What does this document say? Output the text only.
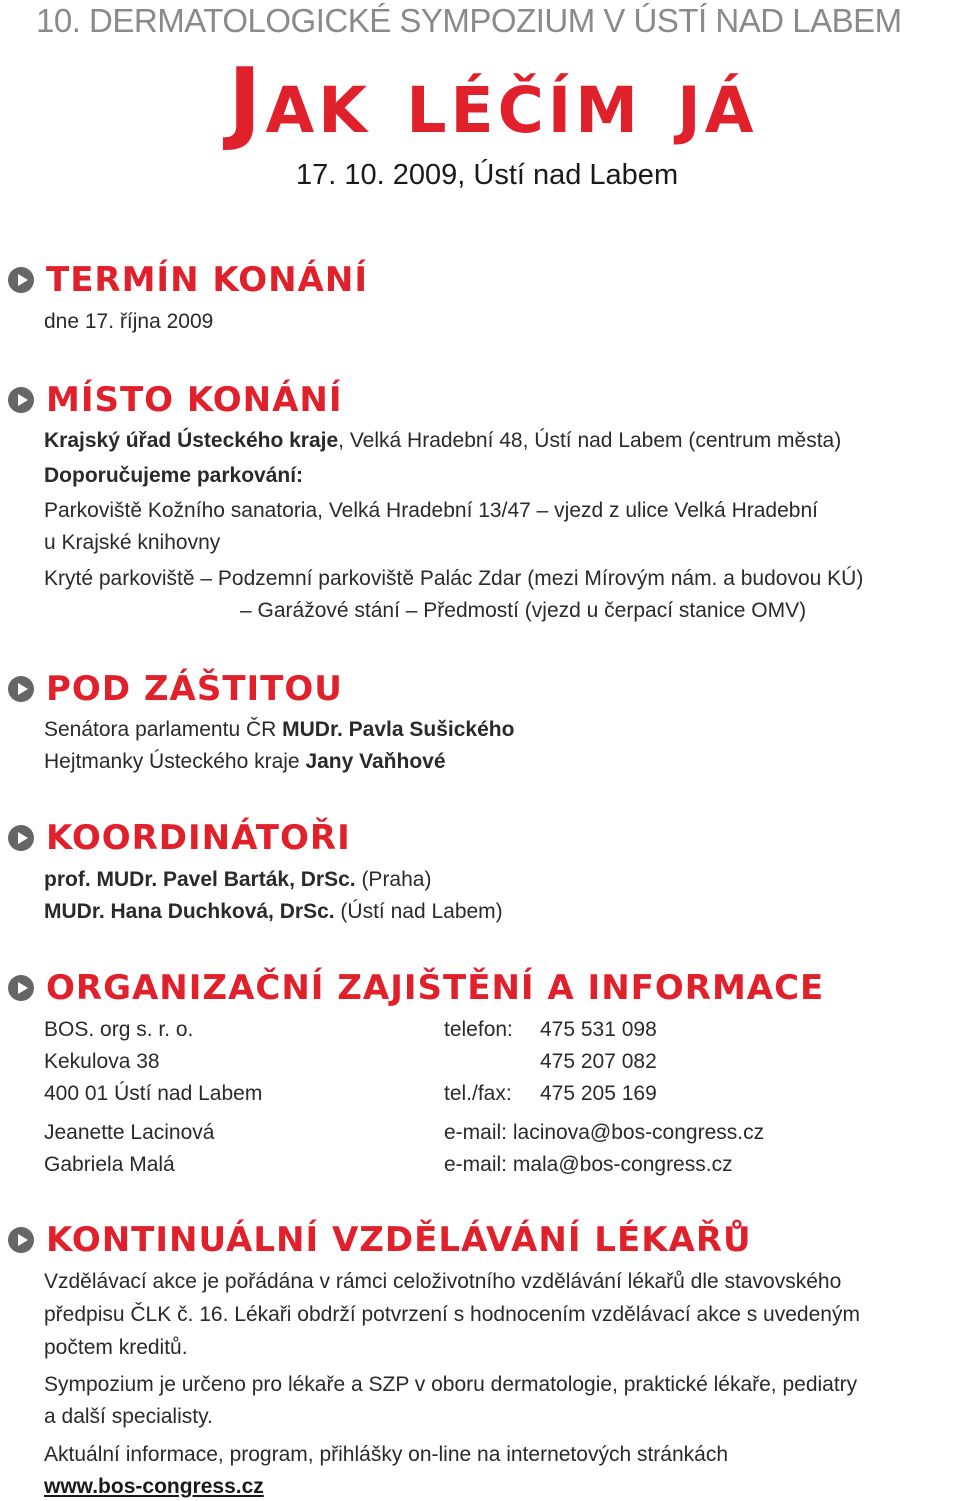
10. DERMATOLOGICKÉ SYMPOZIUM V ÚSTÍ NAD LABEM
Jak léčím já
17. 10. 2009, Ústí nad Labem
TERMÍN KONÁNÍ
dne 17. října 2009
MÍSTO KONÁNÍ
Krajský úřad Ústeckého kraje, Velká Hradební 48, Ústí nad Labem (centrum města)
Doporučujeme parkování:
Parkoviště Kožního sanatoria, Velká Hradební 13/47 – vjezd z ulice Velká Hradební
u Krajské knihovny
Kryté parkoviště – Podzemní parkoviště Palác Zdar (mezi Mírovým nám. a budovou KÚ)
– Garážové stání – Předmostí (vjezd u čerpací stanice OMV)
POD ZÁŠTITOU
Senátora parlamentu ČR MUDr. Pavla Sušického
Hejtmanky Ústeckého kraje Jany Vaňhové
KOORDINÁTOŘI
prof. MUDr. Pavel Barták, DrSc. (Praha)
MUDr. Hana Duchková, DrSc. (Ústí nad Labem)
ORGANIZAČNÍ ZAJIŠTĚNÍ A INFORMACE
BOS. org s. r. o.	telefon: 475 531 098
Kekulova 38	475 207 082
400 01 Ústí nad Labem	tel./fax: 475 205 169
Jeanette Lacinová	e-mail: lacinova@bos-congress.cz
Gabriela Malá	e-mail: mala@bos-congress.cz
KONTINUÁLNÍ VZDĚLÁVÁNÍ LÉKAŘŮ
Vzdělávací akce je pořádána v rámci celoživotního vzdělávání lékařů dle stavovského
předpisu ČLK č. 16. Lékaři obdrží potvrzení s hodnocením vzdělávací akce s uvedeným
počtem kreditů.
Sympozium je určeno pro lékaře a SZP v oboru dermatologie, praktické lékaře, pediatry
a další specialisty.
Aktuální informace, program, přihlášky on-line na internetových stránkách
www.bos-congress.cz
